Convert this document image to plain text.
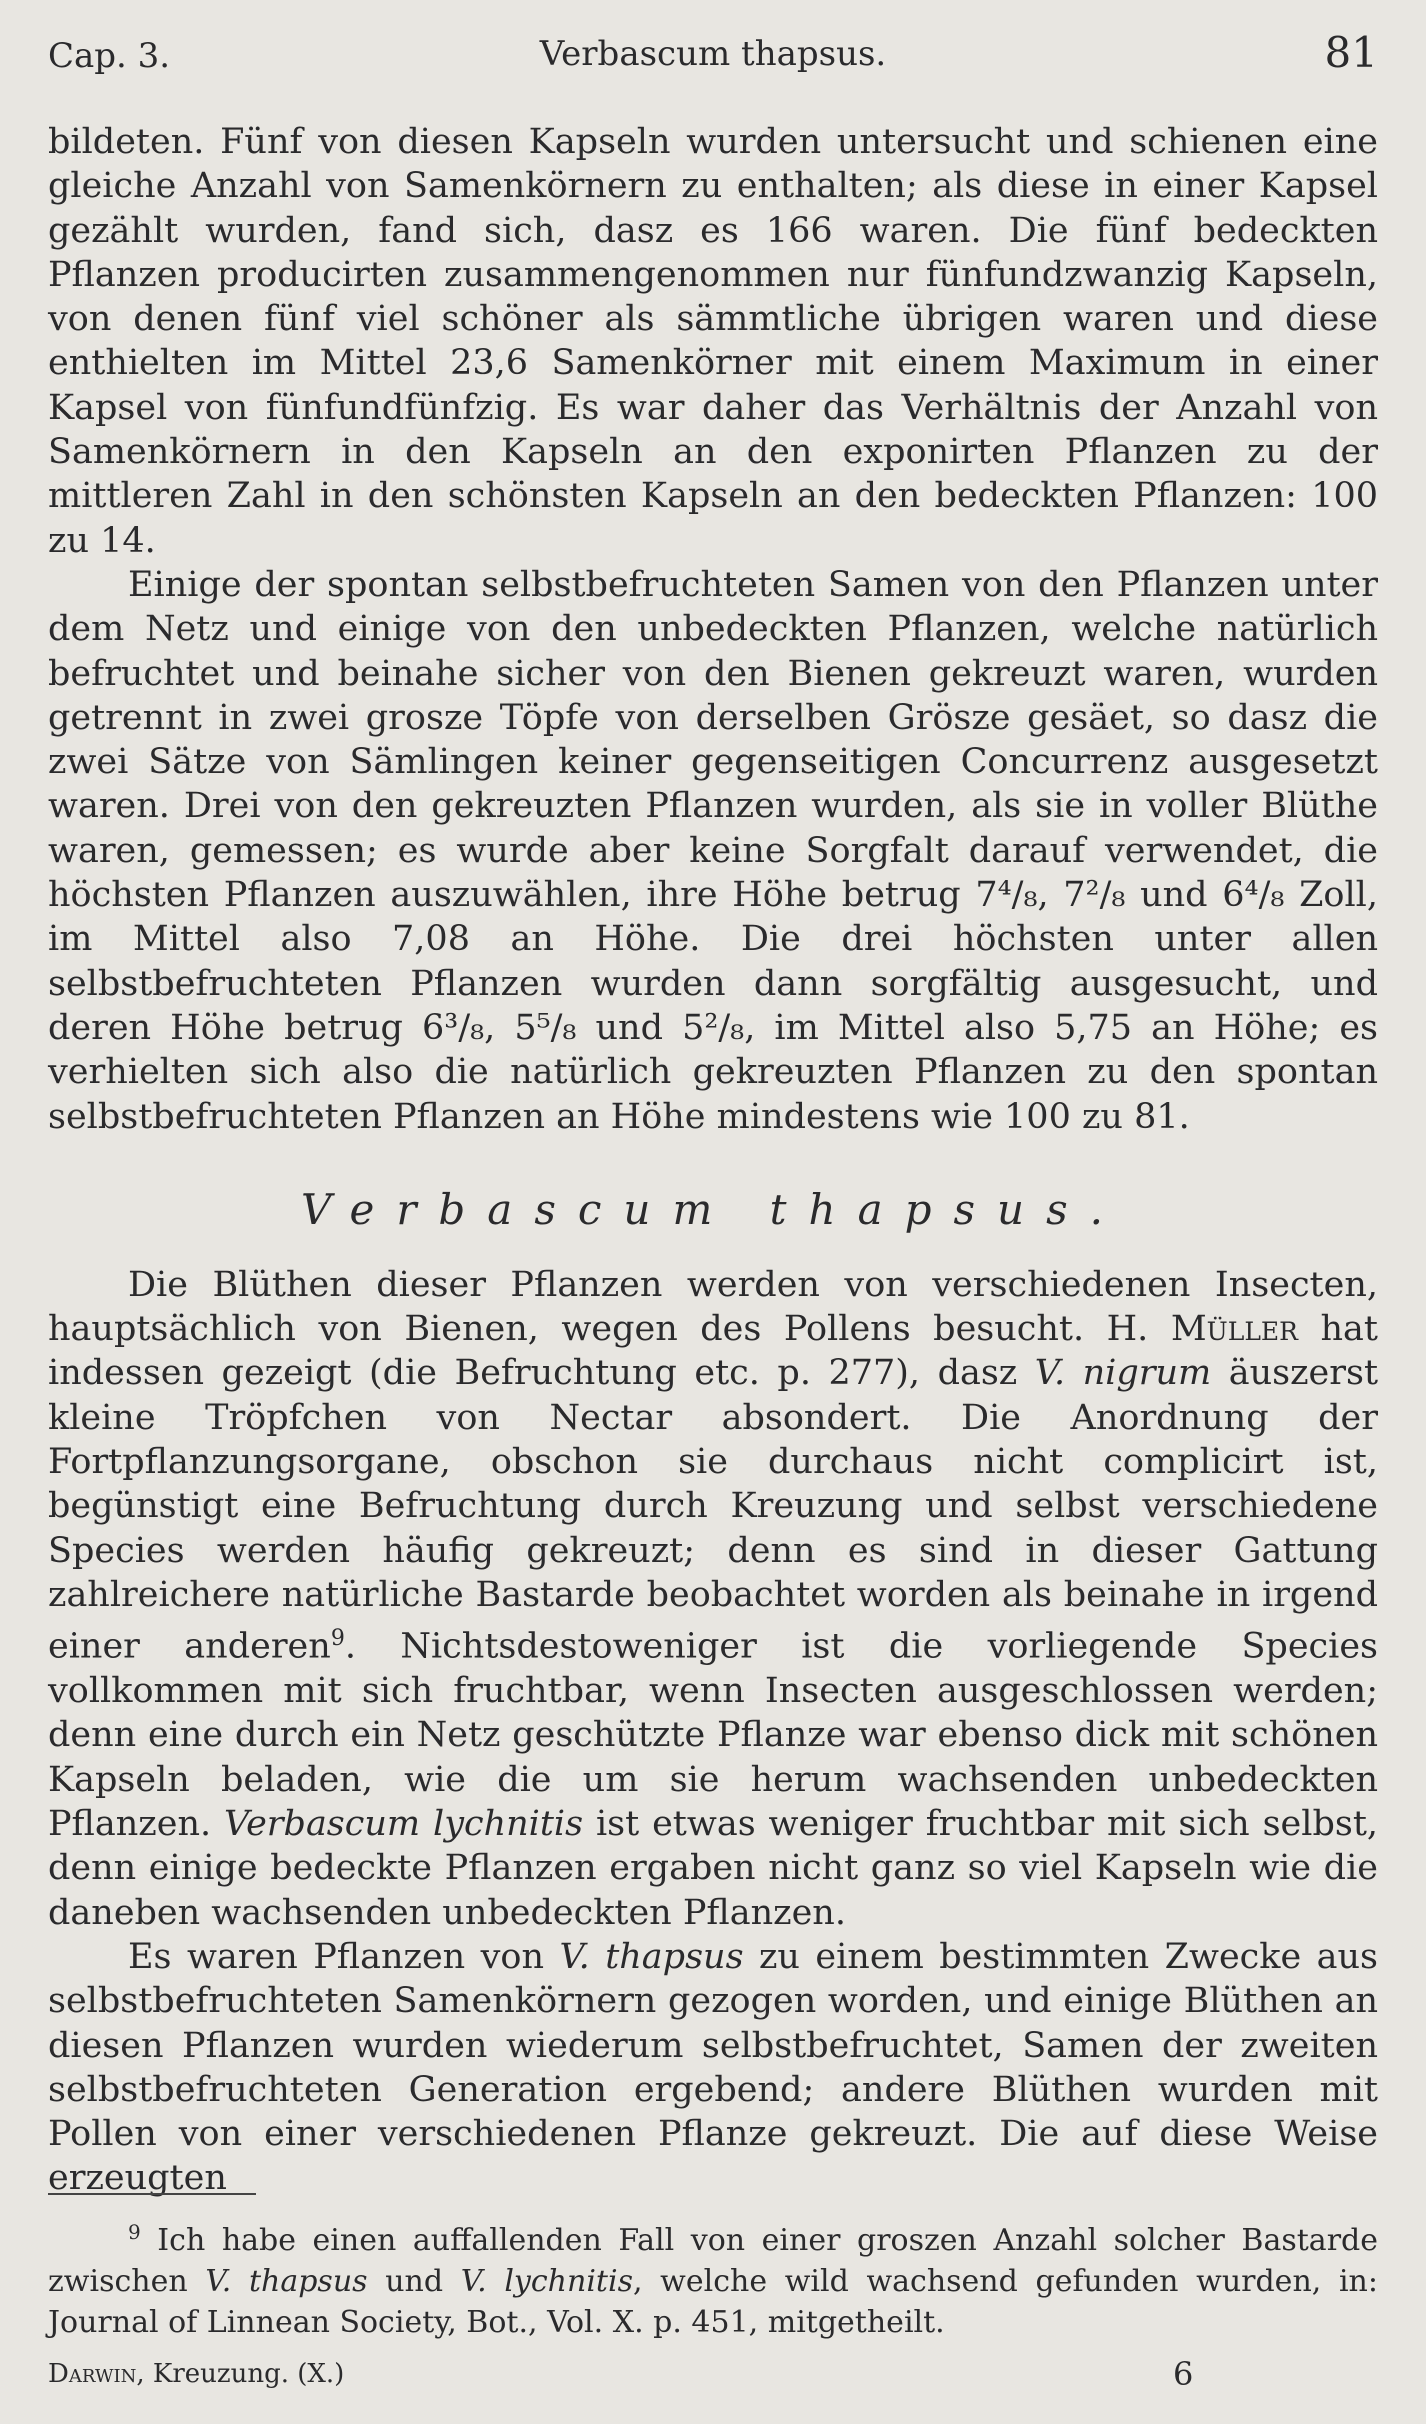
Cap. 3.	Verbascum thapsus.	81

bildeten. Fünf von diesen Kapseln wurden untersucht und schienen eine gleiche Anzahl von Samenkörnern zu enthalten; als diese in einer Kapsel gezählt wurden, fand sich, dasz es 166 waren. Die fünf bedeckten Pflanzen producirten zusammengenommen nur fünfundzwanzig Kapseln, von denen fünf viel schöner als sämmtliche übrigen waren und diese enthielten im Mittel 23,6 Samenkörner mit einem Maximum in einer Kapsel von fünfundfünfzig. Es war daher das Verhältnis der Anzahl von Samenkörnern in den Kapseln an den exponirten Pflanzen zu der mittleren Zahl in den schönsten Kapseln an den bedeckten Pflanzen: 100 zu 14.

Einige der spontan selbstbefruchteten Samen von den Pflanzen unter dem Netz und einige von den unbedeckten Pflanzen, welche natürlich befruchtet und beinahe sicher von den Bienen gekreuzt waren, wurden getrennt in zwei grosze Töpfe von derselben Grösze gesäet, so dasz die zwei Sätze von Sämlingen keiner gegenseitigen Concurrenz ausgesetzt waren. Drei von den gekreuzten Pflanzen wurden, als sie in voller Blüthe waren, gemessen; es wurde aber keine Sorgfalt darauf verwendet, die höchsten Pflanzen auszuwählen, ihre Höhe betrug 7⁴/₈, 7²/₈ und 6⁴/₈ Zoll, im Mittel also 7,08 an Höhe. Die drei höchsten unter allen selbstbefruchteten Pflanzen wurden dann sorgfältig ausgesucht, und deren Höhe betrug 6³/₈, 5⁵/₈ und 5²/₈, im Mittel also 5,75 an Höhe; es verhielten sich also die natürlich gekreuzten Pflanzen zu den spontan selbstbefruchteten Pflanzen an Höhe mindestens wie 100 zu 81.

Verbascum thapsus.

Die Blüthen dieser Pflanzen werden von verschiedenen Insecten, hauptsächlich von Bienen, wegen des Pollens besucht. H. Müller hat indessen gezeigt (die Befruchtung etc. p. 277), dasz V. nigrum äuszerst kleine Tröpfchen von Nectar absondert. Die Anordnung der Fortpflanzungsorgane, obschon sie durchaus nicht complicirt ist, begünstigt eine Befruchtung durch Kreuzung und selbst verschiedene Species werden häufig gekreuzt; denn es sind in dieser Gattung zahlreichere natürliche Bastarde beobachtet worden als beinahe in irgend einer anderen$^9$. Nichtsdestoweniger ist die vorliegende Species vollkommen mit sich fruchtbar, wenn Insecten ausgeschlossen werden; denn eine durch ein Netz geschützte Pflanze war ebenso dick mit schönen Kapseln beladen, wie die um sie herum wachsenden unbedeckten Pflanzen. Verbascum lychnitis ist etwas weniger fruchtbar mit sich selbst, denn einige bedeckte Pflanzen ergaben nicht ganz so viel Kapseln wie die daneben wachsenden unbedeckten Pflanzen.

Es waren Pflanzen von V. thapsus zu einem bestimmten Zwecke aus selbstbefruchteten Samenkörnern gezogen worden, und einige Blüthen an diesen Pflanzen wurden wiederum selbstbefruchtet, Samen der zweiten selbstbefruchteten Generation ergebend; andere Blüthen wurden mit Pollen von einer verschiedenen Pflanze gekreuzt. Die auf diese Weise erzeugten

$^9$ Ich habe einen auffallenden Fall von einer groszen Anzahl solcher Bastarde zwischen V. thapsus und V. lychnitis, welche wild wachsend gefunden wurden, in: Journal of Linnean Society, Bot., Vol. X. p. 451, mitgetheilt.

Darwin, Kreuzung. (X.)	6
